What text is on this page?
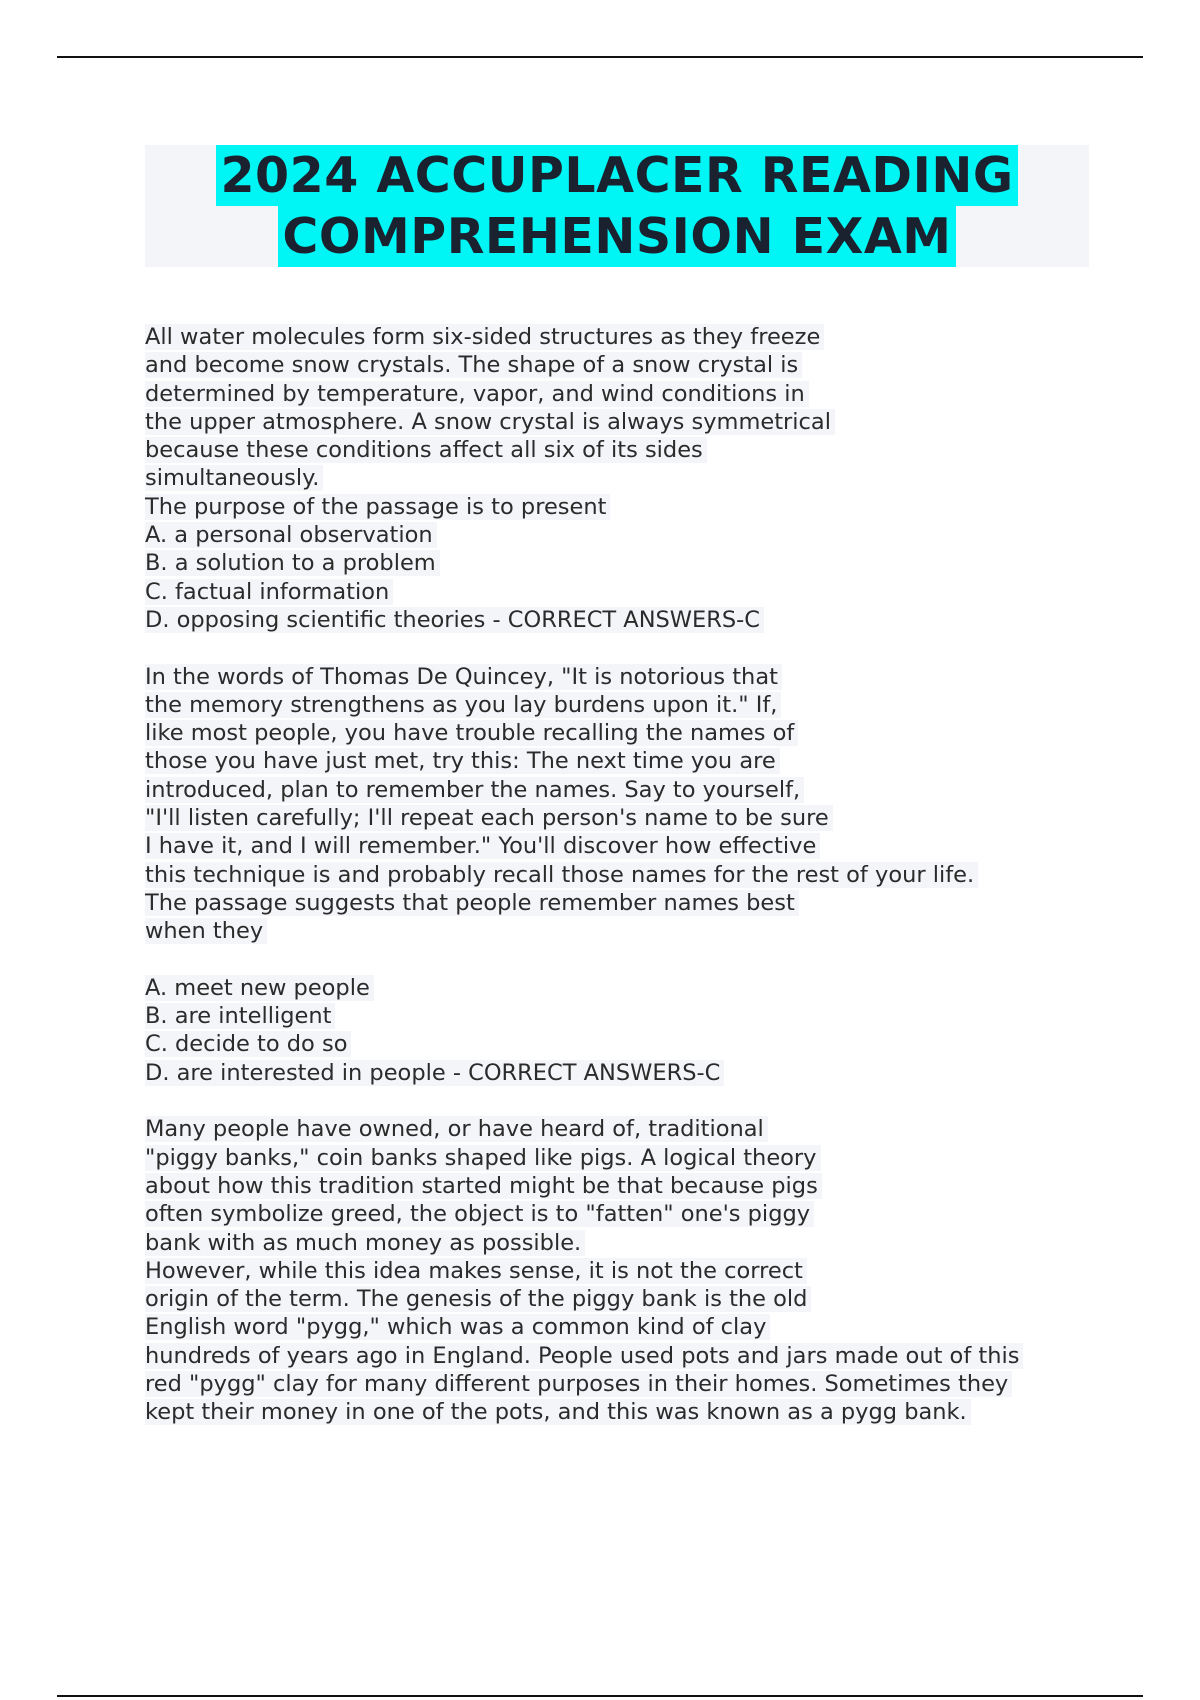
2024 ACCUPLACER READING
COMPREHENSION EXAM
All water molecules form six-sided structures as they freeze
and become snow crystals. The shape of a snow crystal is
determined by temperature, vapor, and wind conditions in
the upper atmosphere. A snow crystal is always symmetrical
because these conditions affect all six of its sides
simultaneously.
The purpose of the passage is to present
A. a personal observation
B. a solution to a problem
C. factual information
D. opposing scientific theories - CORRECT ANSWERS-C
In the words of Thomas De Quincey, "It is notorious that
the memory strengthens as you lay burdens upon it." If,
like most people, you have trouble recalling the names of
those you have just met, try this: The next time you are
introduced, plan to remember the names. Say to yourself,
"I'll listen carefully; I'll repeat each person's name to be sure
I have it, and I will remember." You'll discover how effective
this technique is and probably recall those names for the rest of your life.
The passage suggests that people remember names best
when they
A. meet new people
B. are intelligent
C. decide to do so
D. are interested in people - CORRECT ANSWERS-C
Many people have owned, or have heard of, traditional
"piggy banks," coin banks shaped like pigs. A logical theory
about how this tradition started might be that because pigs
often symbolize greed, the object is to "fatten" one's piggy
bank with as much money as possible.
However, while this idea makes sense, it is not the correct
origin of the term. The genesis of the piggy bank is the old
English word "pygg," which was a common kind of clay
hundreds of years ago in England. People used pots and jars made out of this
red "pygg" clay for many different purposes in their homes. Sometimes they
kept their money in one of the pots, and this was known as a pygg bank.
